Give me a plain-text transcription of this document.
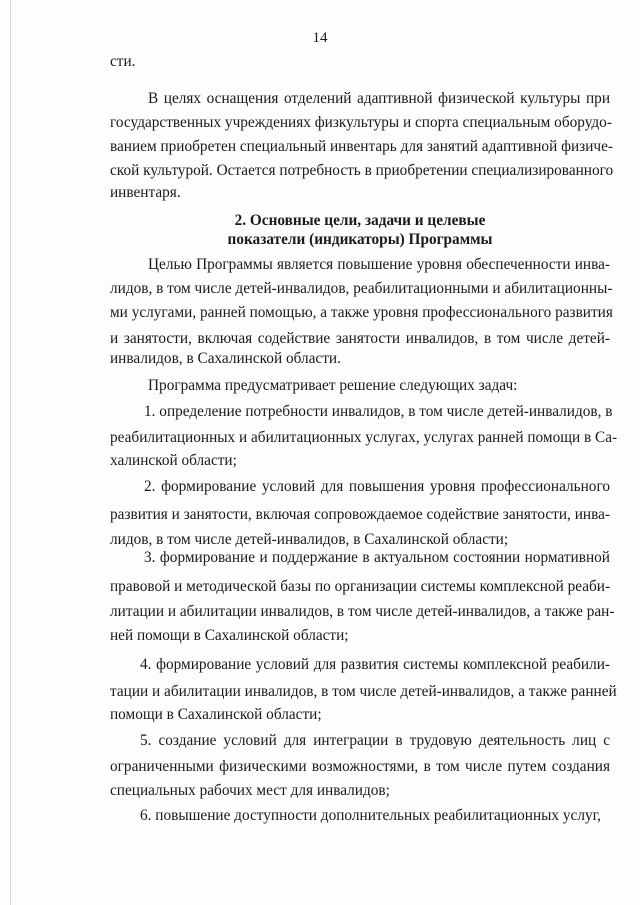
14
сти.
В целях оснащения отделений адаптивной физической культуры при
государственных учреждениях физкультуры и спорта специальным оборудо-
ванием приобретен специальный инвентарь для занятий адаптивной физиче-
ской культурой. Остается потребность в приобретении специализированного
инвентаря.
2. Основные цели, задачи и целевые
показатели (индикаторы) Программы
Целью Программы является повышение уровня обеспеченности инва-
лидов, в том числе детей-инвалидов, реабилитационными и абилитационны-
ми услугами, ранней помощью, а также уровня профессионального развития
и занятости, включая содействие занятости инвалидов, в том числе детей-
инвалидов, в Сахалинской области.
Программа предусматривает решение следующих задач:
1. определение потребности инвалидов, в том числе детей-инвалидов, в
реабилитационных и абилитационных услугах, услугах ранней помощи в Са-
халинской области;
2. формирование условий для повышения уровня профессионального
развития и занятости, включая сопровождаемое содействие занятости, инва-
лидов, в том числе детей-инвалидов, в Сахалинской области;
3. формирование и поддержание в актуальном состоянии нормативной
правовой и методической базы по организации системы комплексной реаби-
литации и абилитации инвалидов, в том числе детей-инвалидов, а также ран-
ней помощи в Сахалинской области;
4. формирование условий для развития системы комплексной реабили-
тации и абилитации инвалидов, в том числе детей-инвалидов, а также ранней
помощи в Сахалинской области;
5. создание условий для интеграции в трудовую деятельность лиц с
ограниченными физическими возможностями, в том числе путем создания
специальных рабочих мест для инвалидов;
6. повышение доступности дополнительных реабилитационных услуг,
